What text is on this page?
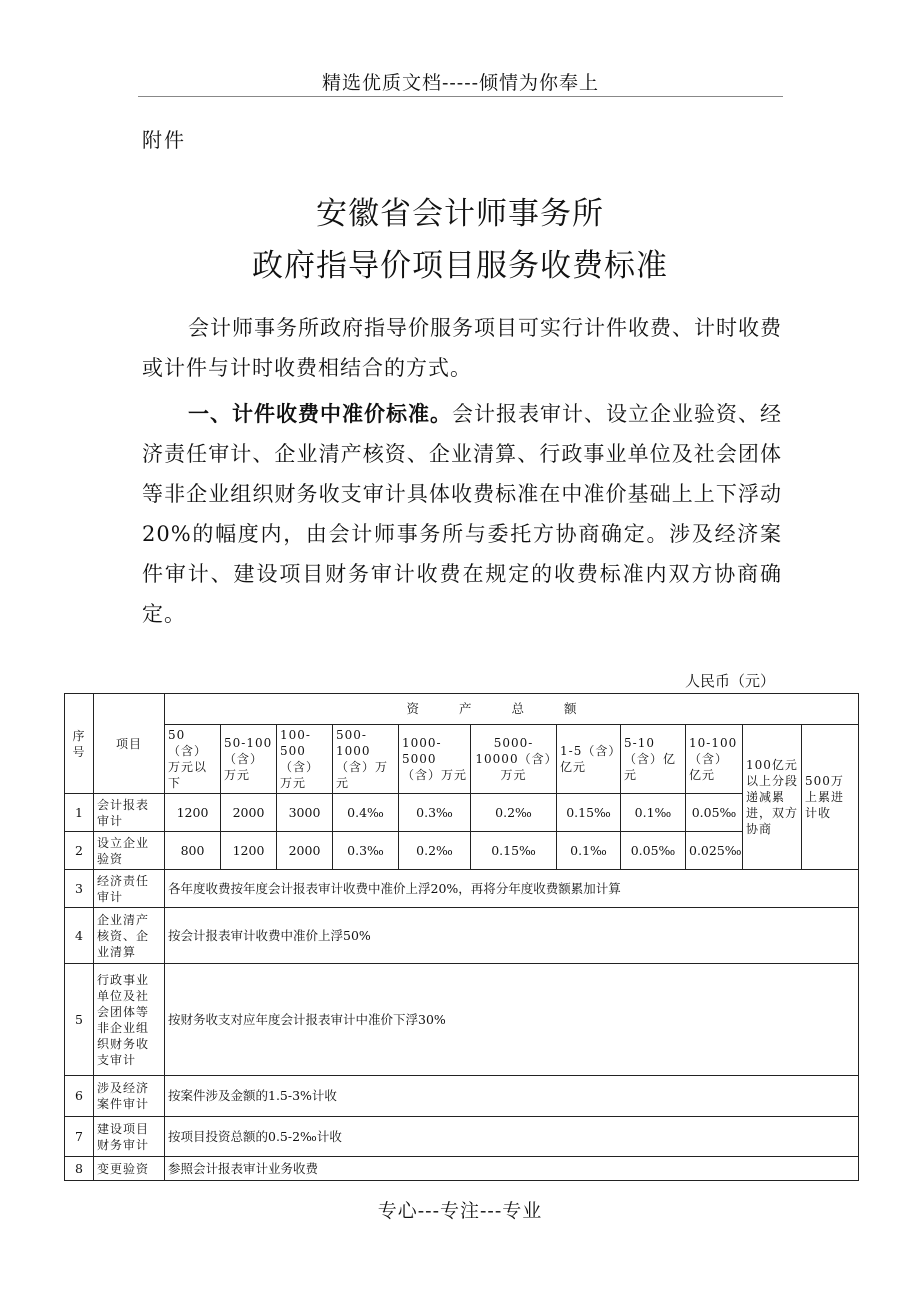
精选优质文档-----倾情为你奉上
附件
安徽省会计师事务所
政府指导价项目服务收费标准
会计师事务所政府指导价服务项目可实行计件收费、计时收费或计件与计时收费相结合的方式。
一、计件收费中准价标准。会计报表审计、设立企业验资、经济责任审计、企业清产核资、企业清算、行政事业单位及社会团体等非企业组织财务收支审计具体收费标准在中准价基础上上下浮动20%的幅度内，由会计师事务所与委托方协商确定。涉及经济案件审计、建设项目财务审计收费在规定的收费标准内双方协商确定。
人民币（元）
序号	项目	资产总额										
		50（含）万元以下	50-100（含）万元	100-500（含）万元	500-1000（含）万元	1000-5000（含）万元	5000-10000（含）万元	1-5（含）亿元	5-10（含）亿元	10-100（含）亿元	100亿元以上分段递减累进，双方协商	500万上累进计收
1	会计报表审计	1200	2000	3000	0.4‰	0.3‰	0.2‰	0.15‰	0.1‰	0.05‰		
2	设立企业验资	800	1200	2000	0.3‰	0.2‰	0.15‰	0.1‰	0.05‰	0.025‰		
3	经济责任审计	各年度收费按年度会计报表审计收费中准价上浮20%，再将分年度收费额累加计算										
4	企业清产核资、企业清算	按会计报表审计收费中准价上浮50%										
5	行政事业单位及社会团体等非企业组织财务收支审计	按财务收支对应年度会计报表审计中准价下浮30%										
6	涉及经济案件审计	按案件涉及金额的1.5-3%计收										
7	建设项目财务审计	按项目投资总额的0.5-2‰计收										
8	变更验资	参照会计报表审计业务收费										
专心---专注---专业
